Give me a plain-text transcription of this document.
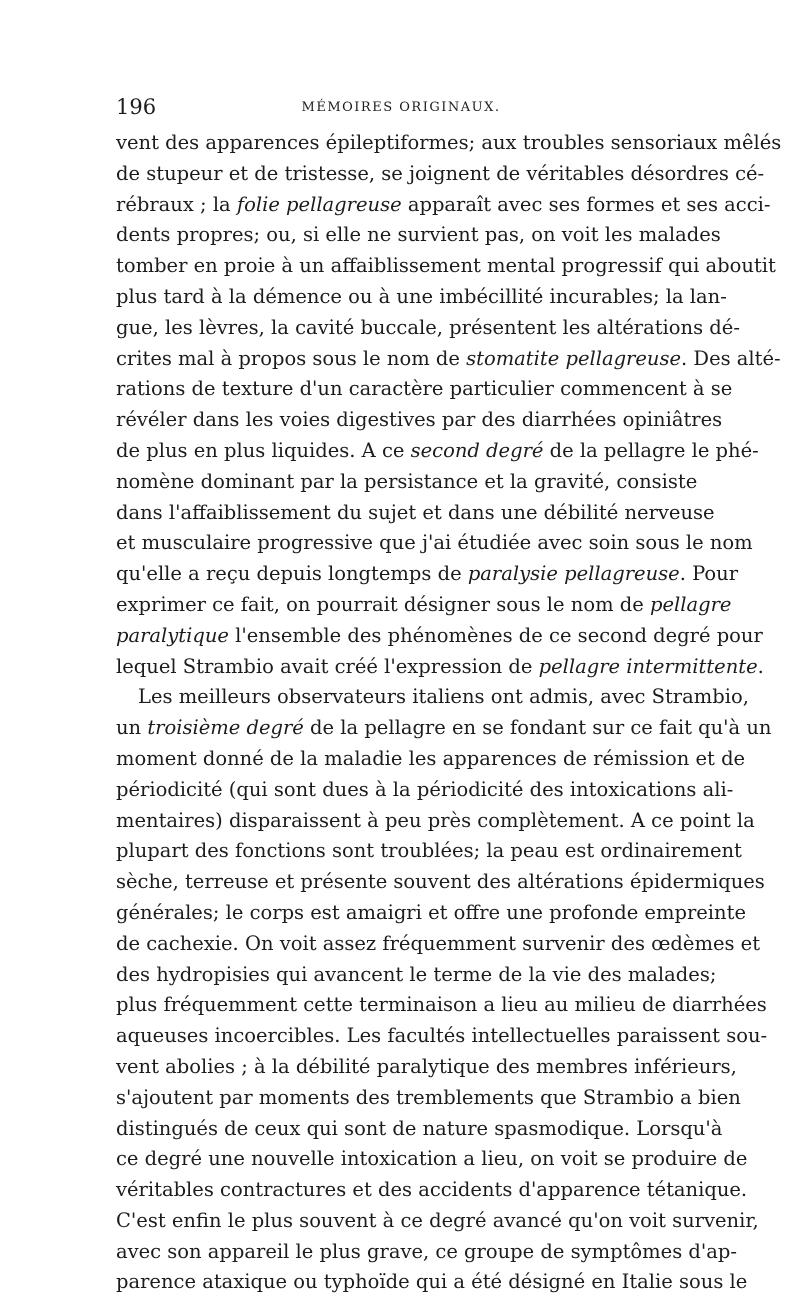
196	MÉMOIRES ORIGINAUX.
vent des apparences épileptiformes; aux troubles sensoriaux mêlés
de stupeur et de tristesse, se joignent de véritables désordres cé-
rébraux ; la folie pellagreuse apparaît avec ses formes et ses acci-
dents propres; ou, si elle ne survient pas, on voit les malades
tomber en proie à un affaiblissement mental progressif qui aboutit
plus tard à la démence ou à une imbécillité incurables; la lan-
gue, les lèvres, la cavité buccale, présentent les altérations dé-
crites mal à propos sous le nom de stomatite pellagreuse. Des alté-
rations de texture d'un caractère particulier commencent à se
révéler dans les voies digestives par des diarrhées opiniâtres
de plus en plus liquides. A ce second degré de la pellagre le phé-
nomène dominant par la persistance et la gravité, consiste
dans l'affaiblissement du sujet et dans une débilité nerveuse
et musculaire progressive que j'ai étudiée avec soin sous le nom
qu'elle a reçu depuis longtemps de paralysie pellagreuse. Pour
exprimer ce fait, on pourrait désigner sous le nom de pellagre
paralytique l'ensemble des phénomènes de ce second degré pour
lequel Strambio avait créé l'expression de pellagre intermittente.
Les meilleurs observateurs italiens ont admis, avec Strambio,
un troisième degré de la pellagre en se fondant sur ce fait qu'à un
moment donné de la maladie les apparences de rémission et de
périodicité (qui sont dues à la périodicité des intoxications ali-
mentaires) disparaissent à peu près complètement. A ce point la
plupart des fonctions sont troublées; la peau est ordinairement
sèche, terreuse et présente souvent des altérations épidermiques
générales; le corps est amaigri et offre une profonde empreinte
de cachexie. On voit assez fréquemment survenir des œdèmes et
des hydropisies qui avancent le terme de la vie des malades;
plus fréquemment cette terminaison a lieu au milieu de diarrhées
aqueuses incoercibles. Les facultés intellectuelles paraissent sou-
vent abolies ; à la débilité paralytique des membres inférieurs,
s'ajoutent par moments des tremblements que Strambio a bien
distingués de ceux qui sont de nature spasmodique. Lorsqu'à
ce degré une nouvelle intoxication a lieu, on voit se produire de
véritables contractures et des accidents d'apparence tétanique.
C'est enfin le plus souvent à ce degré avancé qu'on voit survenir,
avec son appareil le plus grave, ce groupe de symptômes d'ap-
parence ataxique ou typhoïde qui a été désigné en Italie sous le
